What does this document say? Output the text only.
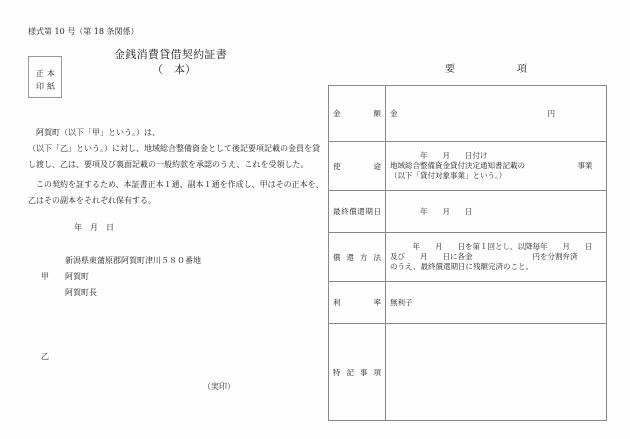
様式第 10 号（第 18 条関係）
金銭消費貸借契約証書
（　本）
正本
印紙
阿賀町（以下「甲」という。）は、
（以下「乙」という。）に対し、地域総合整備資金として後記要項記載の金員を貸
し渡し、乙は、要項及び裏面記載の一般約款を承認のうえ、これを受領した。
この契約を証するため、本証書正本１通、副本１通を作成し、甲はその正本を、
乙はその副本をそれぞれ保有する。
年　月　日
新潟県東蒲原郡阿賀町津川５８０番地
甲 阿賀町
阿賀町長
乙
（実印）
要　項
金　額	金　　　　　　　　　　　　　　　　　　　　円

使　途	　　　　年　　月　　日付け
地域総合整備資金貸付決定通知書記載の　　　　　　　事業
（以下「貸付対象事業」という。）

最終償還期日	　　　　年　　月　　日

償還方法	　　　年　　月　　日を第１回とし、以降毎年　　月　　日
及び　　月　　日に各金　　　　　　　　円を分割弁済
のうえ、最終償還期日に残額完済のこと。

利　率	無利子

特記事項	
